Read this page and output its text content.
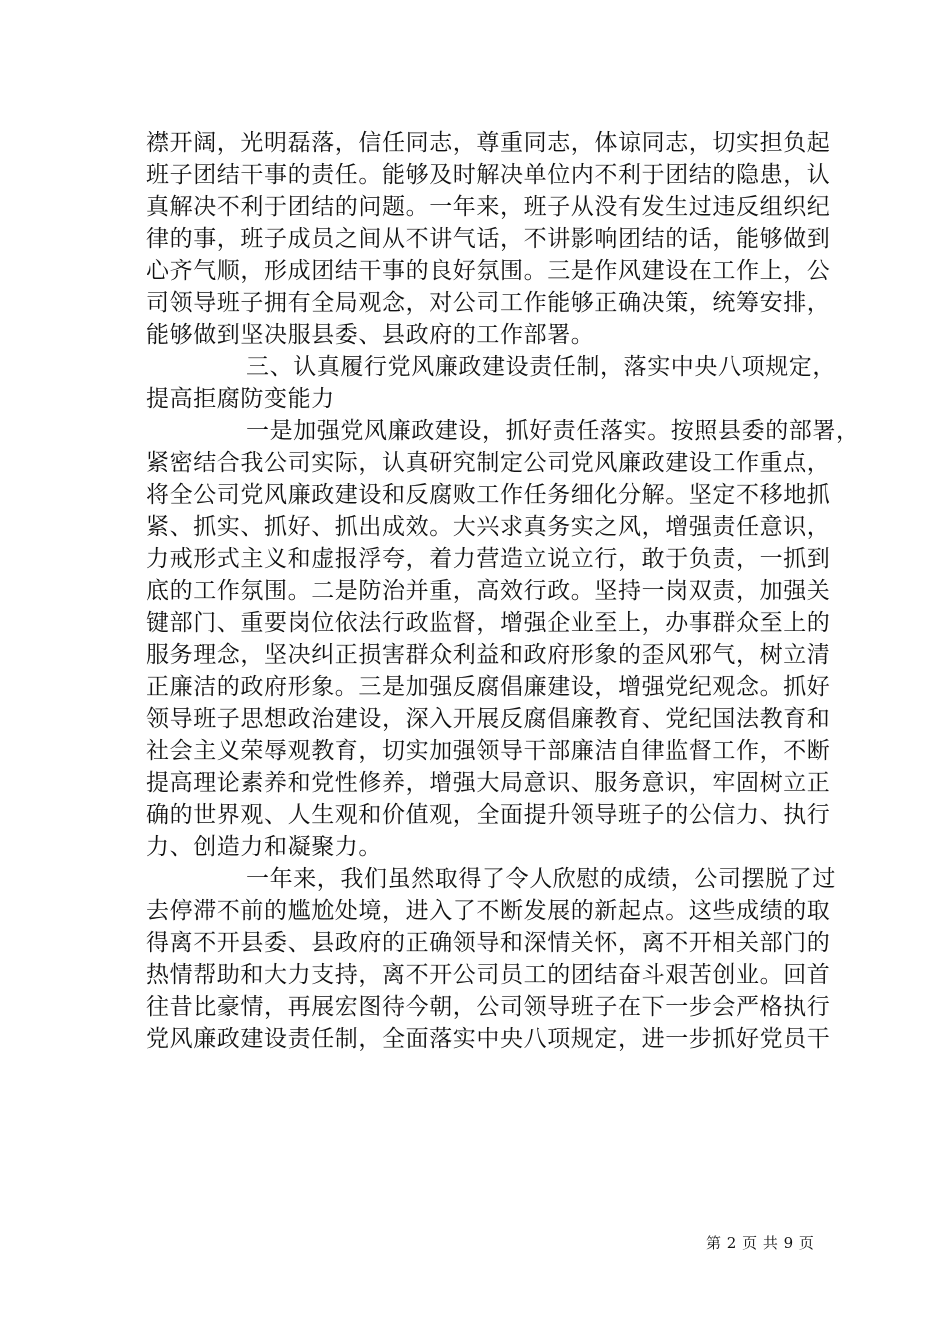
襟开阔，光明磊落，信任同志，尊重同志，体谅同志，切实担负起
班子团结干事的责任。能够及时解决单位内不利于团结的隐患，认
真解决不利于团结的问题。一年来，班子从没有发生过违反组织纪
律的事，班子成员之间从不讲气话，不讲影响团结的话，能够做到
心齐气顺，形成团结干事的良好氛围。三是作风建设在工作上，公
司领导班子拥有全局观念，对公司工作能够正确决策，统筹安排，
能够做到坚决服县委、县政府的工作部署。
三、认真履行党风廉政建设责任制，落实中央八项规定，
提高拒腐防变能力
一是加强党风廉政建设，抓好责任落实。按照县委的部署，
紧密结合我公司实际，认真研究制定公司党风廉政建设工作重点，
将全公司党风廉政建设和反腐败工作任务细化分解。坚定不移地抓
紧、抓实、抓好、抓出成效。大兴求真务实之风，增强责任意识，
力戒形式主义和虚报浮夸，着力营造立说立行，敢于负责，一抓到
底的工作氛围。二是防治并重，高效行政。坚持一岗双责，加强关
键部门、重要岗位依法行政监督，增强企业至上，办事群众至上的
服务理念，坚决纠正损害群众利益和政府形象的歪风邪气，树立清
正廉洁的政府形象。三是加强反腐倡廉建设，增强党纪观念。抓好
领导班子思想政治建设，深入开展反腐倡廉教育、党纪国法教育和
社会主义荣辱观教育，切实加强领导干部廉洁自律监督工作，不断
提高理论素养和党性修养，增强大局意识、服务意识，牢固树立正
确的世界观、人生观和价值观，全面提升领导班子的公信力、执行
力、创造力和凝聚力。
一年来，我们虽然取得了令人欣慰的成绩，公司摆脱了过
去停滞不前的尴尬处境，进入了不断发展的新起点。这些成绩的取
得离不开县委、县政府的正确领导和深情关怀，离不开相关部门的
热情帮助和大力支持，离不开公司员工的团结奋斗艰苦创业。回首
往昔比豪情，再展宏图待今朝，公司领导班子在下一步会严格执行
党风廉政建设责任制，全面落实中央八项规定，进一步抓好党员干
第 2 页 共 9 页
